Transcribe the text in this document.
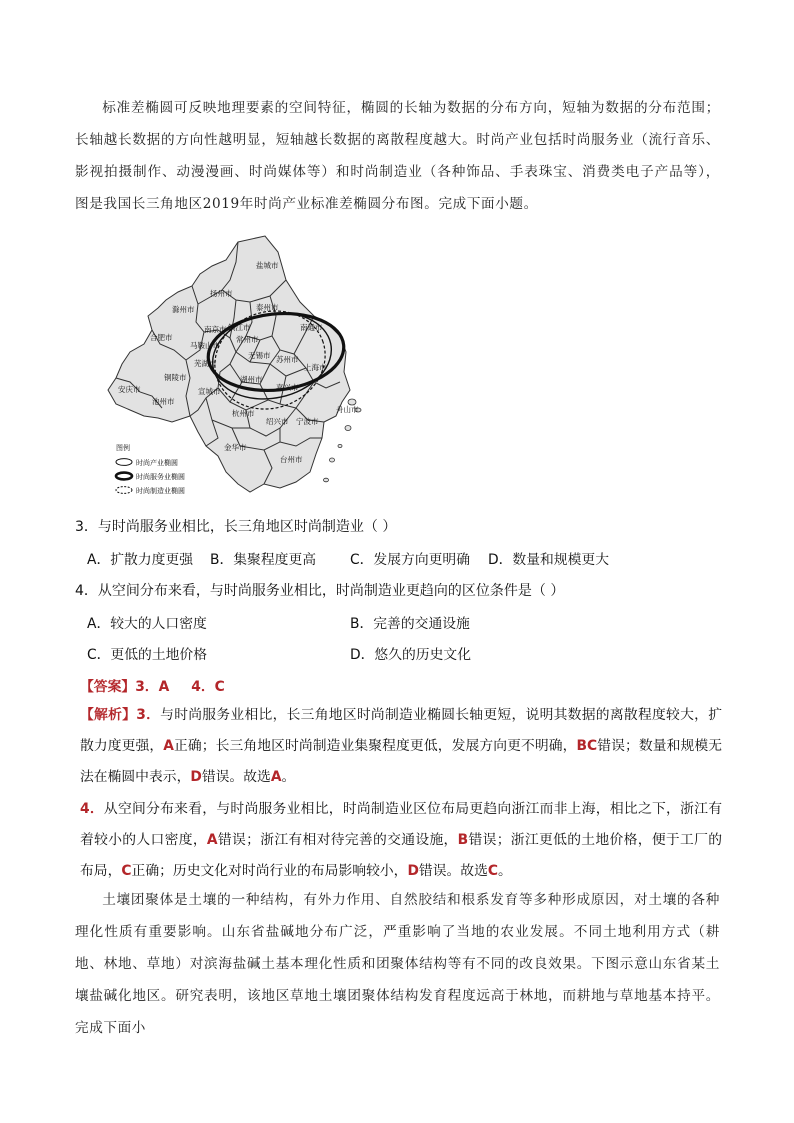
标准差椭圆可反映地理要素的空间特征，椭圆的长轴为数据的分布方向，短轴为数据的分布范围；长轴越长数据的方向性越明显，短轴越长数据的离散程度越大。时尚产业包括时尚服务业（流行音乐、影视拍摄制作、动漫漫画、时尚媒体等）和时尚制造业（各种饰品、手表珠宝、消费类电子产品等），图是我国长三角地区2019年时尚产业标准差椭圆分布图。完成下面小题。
盐城市
扬州市
泰州市
滁州市
南京市 镇江市
常州市
南通市
合肥市
马鞍山市
芜湖市
铜陵市
无锡市 苏州市
上海市
安庆市
池州市
宣城市
湖州市
嘉兴市
杭州市	舟山市
绍兴市 宁波市
金华市
台州市
图例
时尚产业椭圆
时尚服务业椭圆
时尚制造业椭圆
3．与时尚服务业相比，长三角地区时尚制造业（ ）
A．扩散力度更强 B．集聚程度更高 C．发展方向更明确 D．数量和规模更大
4．从空间分布来看，与时尚服务业相比，时尚制造业更趋向的区位条件是（ ）
A．较大的人口密度	B．完善的交通设施
C．更低的土地价格	D．悠久的历史文化
【答案】3．A 4．C
【解析】3．与时尚服务业相比，长三角地区时尚制造业椭圆长轴更短，说明其数据的离散程度较大，扩散力度更强，A正确；长三角地区时尚制造业集聚程度更低，发展方向更不明确，BC错误；数量和规模无法在椭圆中表示，D错误。故选A。
4．从空间分布来看，与时尚服务业相比，时尚制造业区位布局更趋向浙江而非上海，相比之下，浙江有着较小的人口密度，A错误；浙江有相对待完善的交通设施，B错误；浙江更低的土地价格，便于工厂的布局，C正确；历史文化对时尚行业的布局影响较小，D错误。故选C。
土壤团聚体是土壤的一种结构，有外力作用、自然胶结和根系发育等多种形成原因，对土壤的各种理化性质有重要影响。山东省盐碱地分布广泛，严重影响了当地的农业发展。不同土地利用方式（耕地、林地、草地）对滨海盐碱土基本理化性质和团聚体结构等有不同的改良效果。下图示意山东省某土壤盐碱化地区。研究表明，该地区草地土壤团聚体结构发育程度远高于林地，而耕地与草地基本持平。完成下面小
